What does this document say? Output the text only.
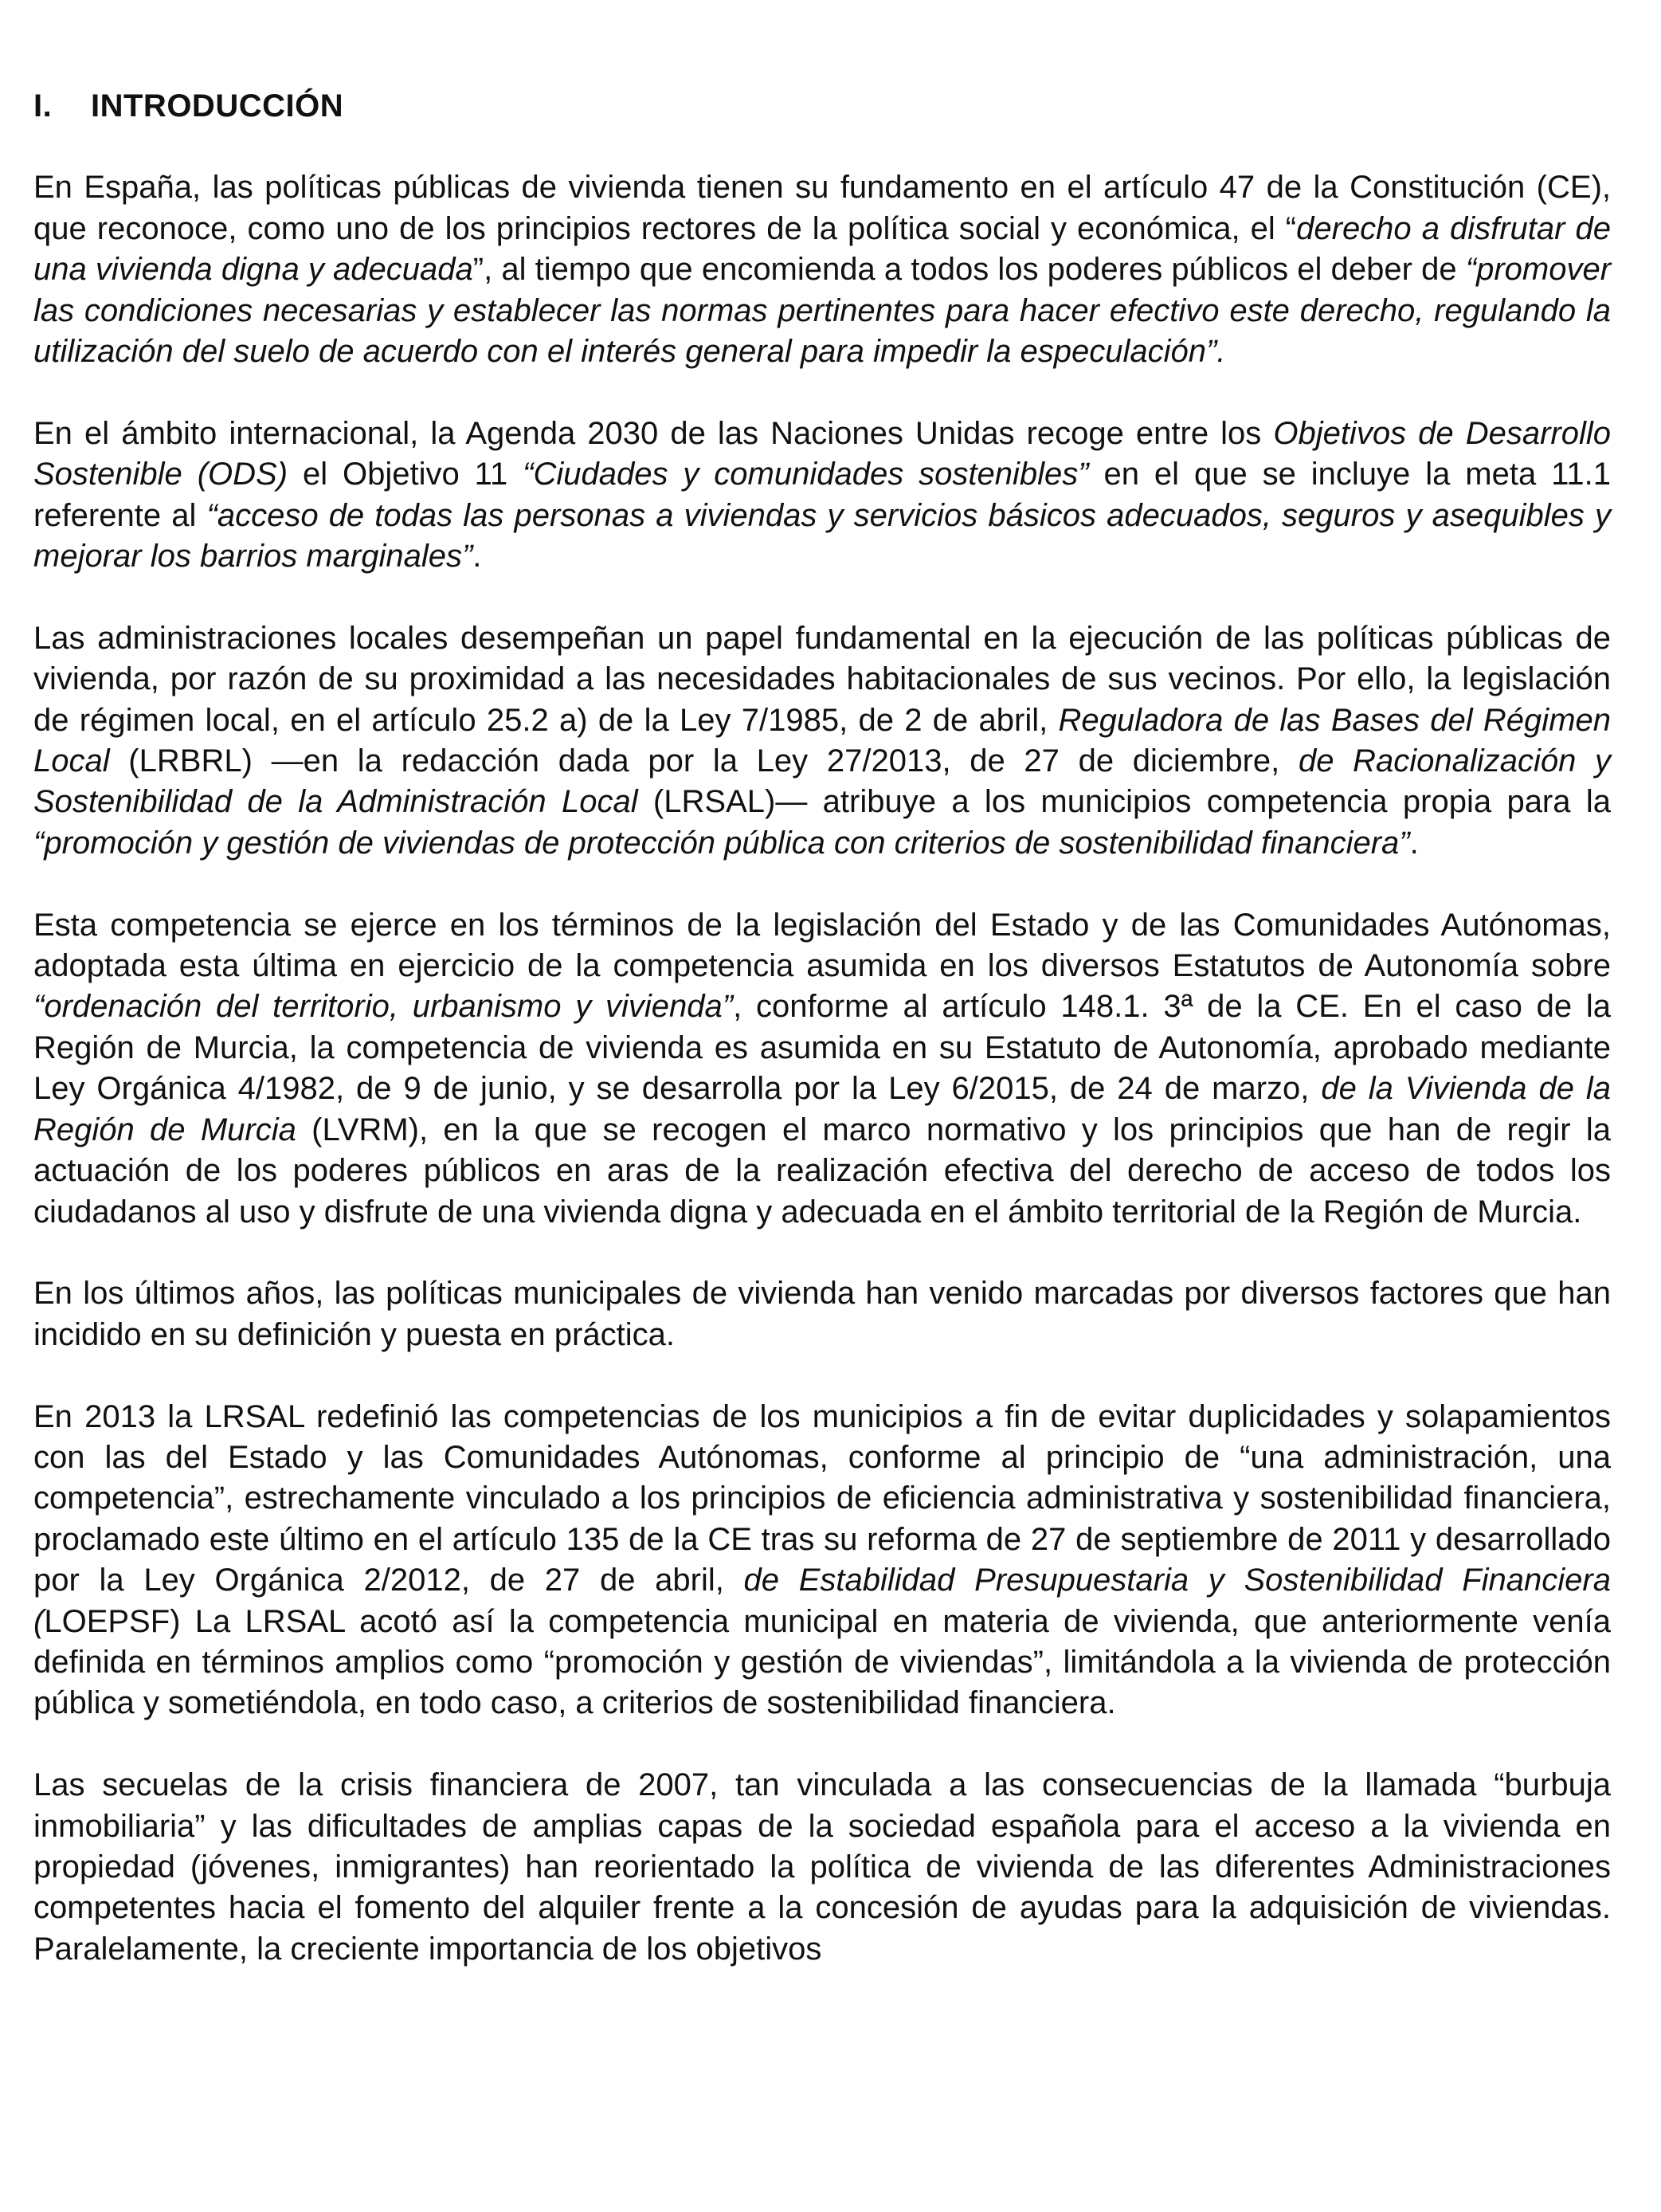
I. INTRODUCCIÓN

En España, las políticas públicas de vivienda tienen su fundamento en el artículo 47 de la Constitución (CE), que reconoce, como uno de los principios rectores de la política social y económica, el “derecho a disfrutar de una vivienda digna y adecuada”, al tiempo que encomienda a todos los poderes públicos el deber de “promover las condiciones necesarias y establecer las normas pertinentes para hacer efectivo este derecho, regulando la utilización del suelo de acuerdo con el interés general para impedir la especulación”.

En el ámbito internacional, la Agenda 2030 de las Naciones Unidas recoge entre los Objetivos de Desarrollo Sostenible (ODS) el Objetivo 11 “Ciudades y comunidades sostenibles” en el que se incluye la meta 11.1 referente al “acceso de todas las personas a viviendas y servicios básicos adecuados, seguros y asequibles y mejorar los barrios marginales”.

Las administraciones locales desempeñan un papel fundamental en la ejecución de las políticas públicas de vivienda, por razón de su proximidad a las necesidades habitacionales de sus vecinos. Por ello, la legislación de régimen local, en el artículo 25.2 a) de la Ley 7/1985, de 2 de abril, Reguladora de las Bases del Régimen Local (LRBRL) —en la redacción dada por la Ley 27/2013, de 27 de diciembre, de Racionalización y Sostenibilidad de la Administración Local (LRSAL)— atribuye a los municipios competencia propia para la “promoción y gestión de viviendas de protección pública con criterios de sostenibilidad financiera”.

Esta competencia se ejerce en los términos de la legislación del Estado y de las Comunidades Autónomas, adoptada esta última en ejercicio de la competencia asumida en los diversos Estatutos de Autonomía sobre “ordenación del territorio, urbanismo y vivienda”, conforme al artículo 148.1. 3ª de la CE. En el caso de la Región de Murcia, la competencia de vivienda es asumida en su Estatuto de Autonomía, aprobado mediante Ley Orgánica 4/1982, de 9 de junio, y se desarrolla por la Ley 6/2015, de 24 de marzo, de la Vivienda de la Región de Murcia (LVRM), en la que se recogen el marco normativo y los principios que han de regir la actuación de los poderes públicos en aras de la realización efectiva del derecho de acceso de todos los ciudadanos al uso y disfrute de una vivienda digna y adecuada en el ámbito territorial de la Región de Murcia.

En los últimos años, las políticas municipales de vivienda han venido marcadas por diversos factores que han incidido en su definición y puesta en práctica.

En 2013 la LRSAL redefinió las competencias de los municipios a fin de evitar duplicidades y solapamientos con las del Estado y las Comunidades Autónomas, conforme al principio de “una administración, una competencia”, estrechamente vinculado a los principios de eficiencia administrativa y sostenibilidad financiera, proclamado este último en el artículo 135 de la CE tras su reforma de 27 de septiembre de 2011 y desarrollado por la Ley Orgánica 2/2012, de 27 de abril, de Estabilidad Presupuestaria y Sostenibilidad Financiera (LOEPSF) La LRSAL acotó así la competencia municipal en materia de vivienda, que anteriormente venía definida en términos amplios como “promoción y gestión de viviendas”, limitándola a la vivienda de protección pública y sometiéndola, en todo caso, a criterios de sostenibilidad financiera.

Las secuelas de la crisis financiera de 2007, tan vinculada a las consecuencias de la llamada “burbuja inmobiliaria” y las dificultades de amplias capas de la sociedad española para el acceso a la vivienda en propiedad (jóvenes, inmigrantes) han reorientado la política de vivienda de las diferentes Administraciones competentes hacia el fomento del alquiler frente a la concesión de ayudas para la adquisición de viviendas. Paralelamente, la creciente importancia de los objetivos
